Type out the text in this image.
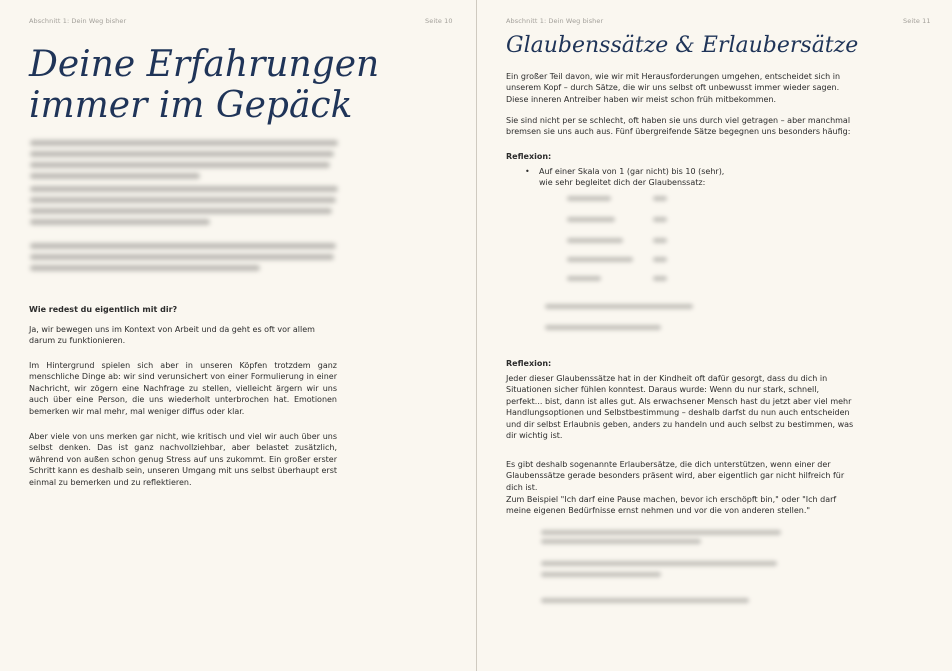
Abschnitt 1: Dein Weg bisher	Seite 10
Deine Erfahrungen
immer im Gepäck
Wie redest du eigentlich mit dir?

Ja, wir bewegen uns im Kontext von Arbeit und da geht es oft vor allem darum zu funktionieren.

Im Hintergrund spielen sich aber in unseren Köpfen trotzdem ganz menschliche Dinge ab: wir sind verunsichert von einer Formulierung in einer Nachricht, wir zögern eine Nachfrage zu stellen, vielleicht ärgern wir uns auch über eine Person, die uns wiederholt unterbrochen hat. Emotionen bemerken wir mal mehr, mal weniger diffus oder klar.

Aber viele von uns merken gar nicht, wie kritisch und viel wir auch über uns selbst denken. Das ist ganz nachvollziehbar, aber belastet zusätzlich, während von außen schon genug Stress auf uns zukommt. Ein großer erster Schritt kann es deshalb sein, unseren Umgang mit uns selbst überhaupt erst einmal zu bemerken und zu reflektieren.

Abschnitt 1: Dein Weg bisher	Seite 11
Glaubenssätze & Erlaubersätze

Ein großer Teil davon, wie wir mit Herausforderungen umgehen, entscheidet sich in unserem Kopf – durch Sätze, die wir uns selbst oft unbewusst immer wieder sagen. Diese inneren Antreiber haben wir meist schon früh mitbekommen.

Sie sind nicht per se schlecht, oft haben sie uns durch viel getragen – aber manchmal bremsen sie uns auch aus. Fünf übergreifende Sätze begegnen uns besonders häufig:

Reflexion:
• Auf einer Skala von 1 (gar nicht) bis 10 (sehr),
wie sehr begleitet dich der Glaubenssatz:
Reflexion:

Jeder dieser Glaubenssätze hat in der Kindheit oft dafür gesorgt, dass du dich in Situationen sicher fühlen konntest. Daraus wurde: Wenn du nur stark, schnell, perfekt... bist, dann ist alles gut. Als erwachsener Mensch hast du jetzt aber viel mehr Handlungsoptionen und Selbstbestimmung – deshalb darfst du nun auch entscheiden und dir selbst Erlaubnis geben, anders zu handeln und auch selbst zu bestimmen, was dir wichtig ist.

Es gibt deshalb sogenannte Erlaubersätze, die dich unterstützen, wenn einer der Glaubenssätze gerade besonders präsent wird, aber eigentlich gar nicht hilfreich für dich ist.

Zum Beispiel "Ich darf eine Pause machen, bevor ich erschöpft bin," oder "Ich darf meine eigenen Bedürfnisse ernst nehmen und vor die von anderen stellen."
